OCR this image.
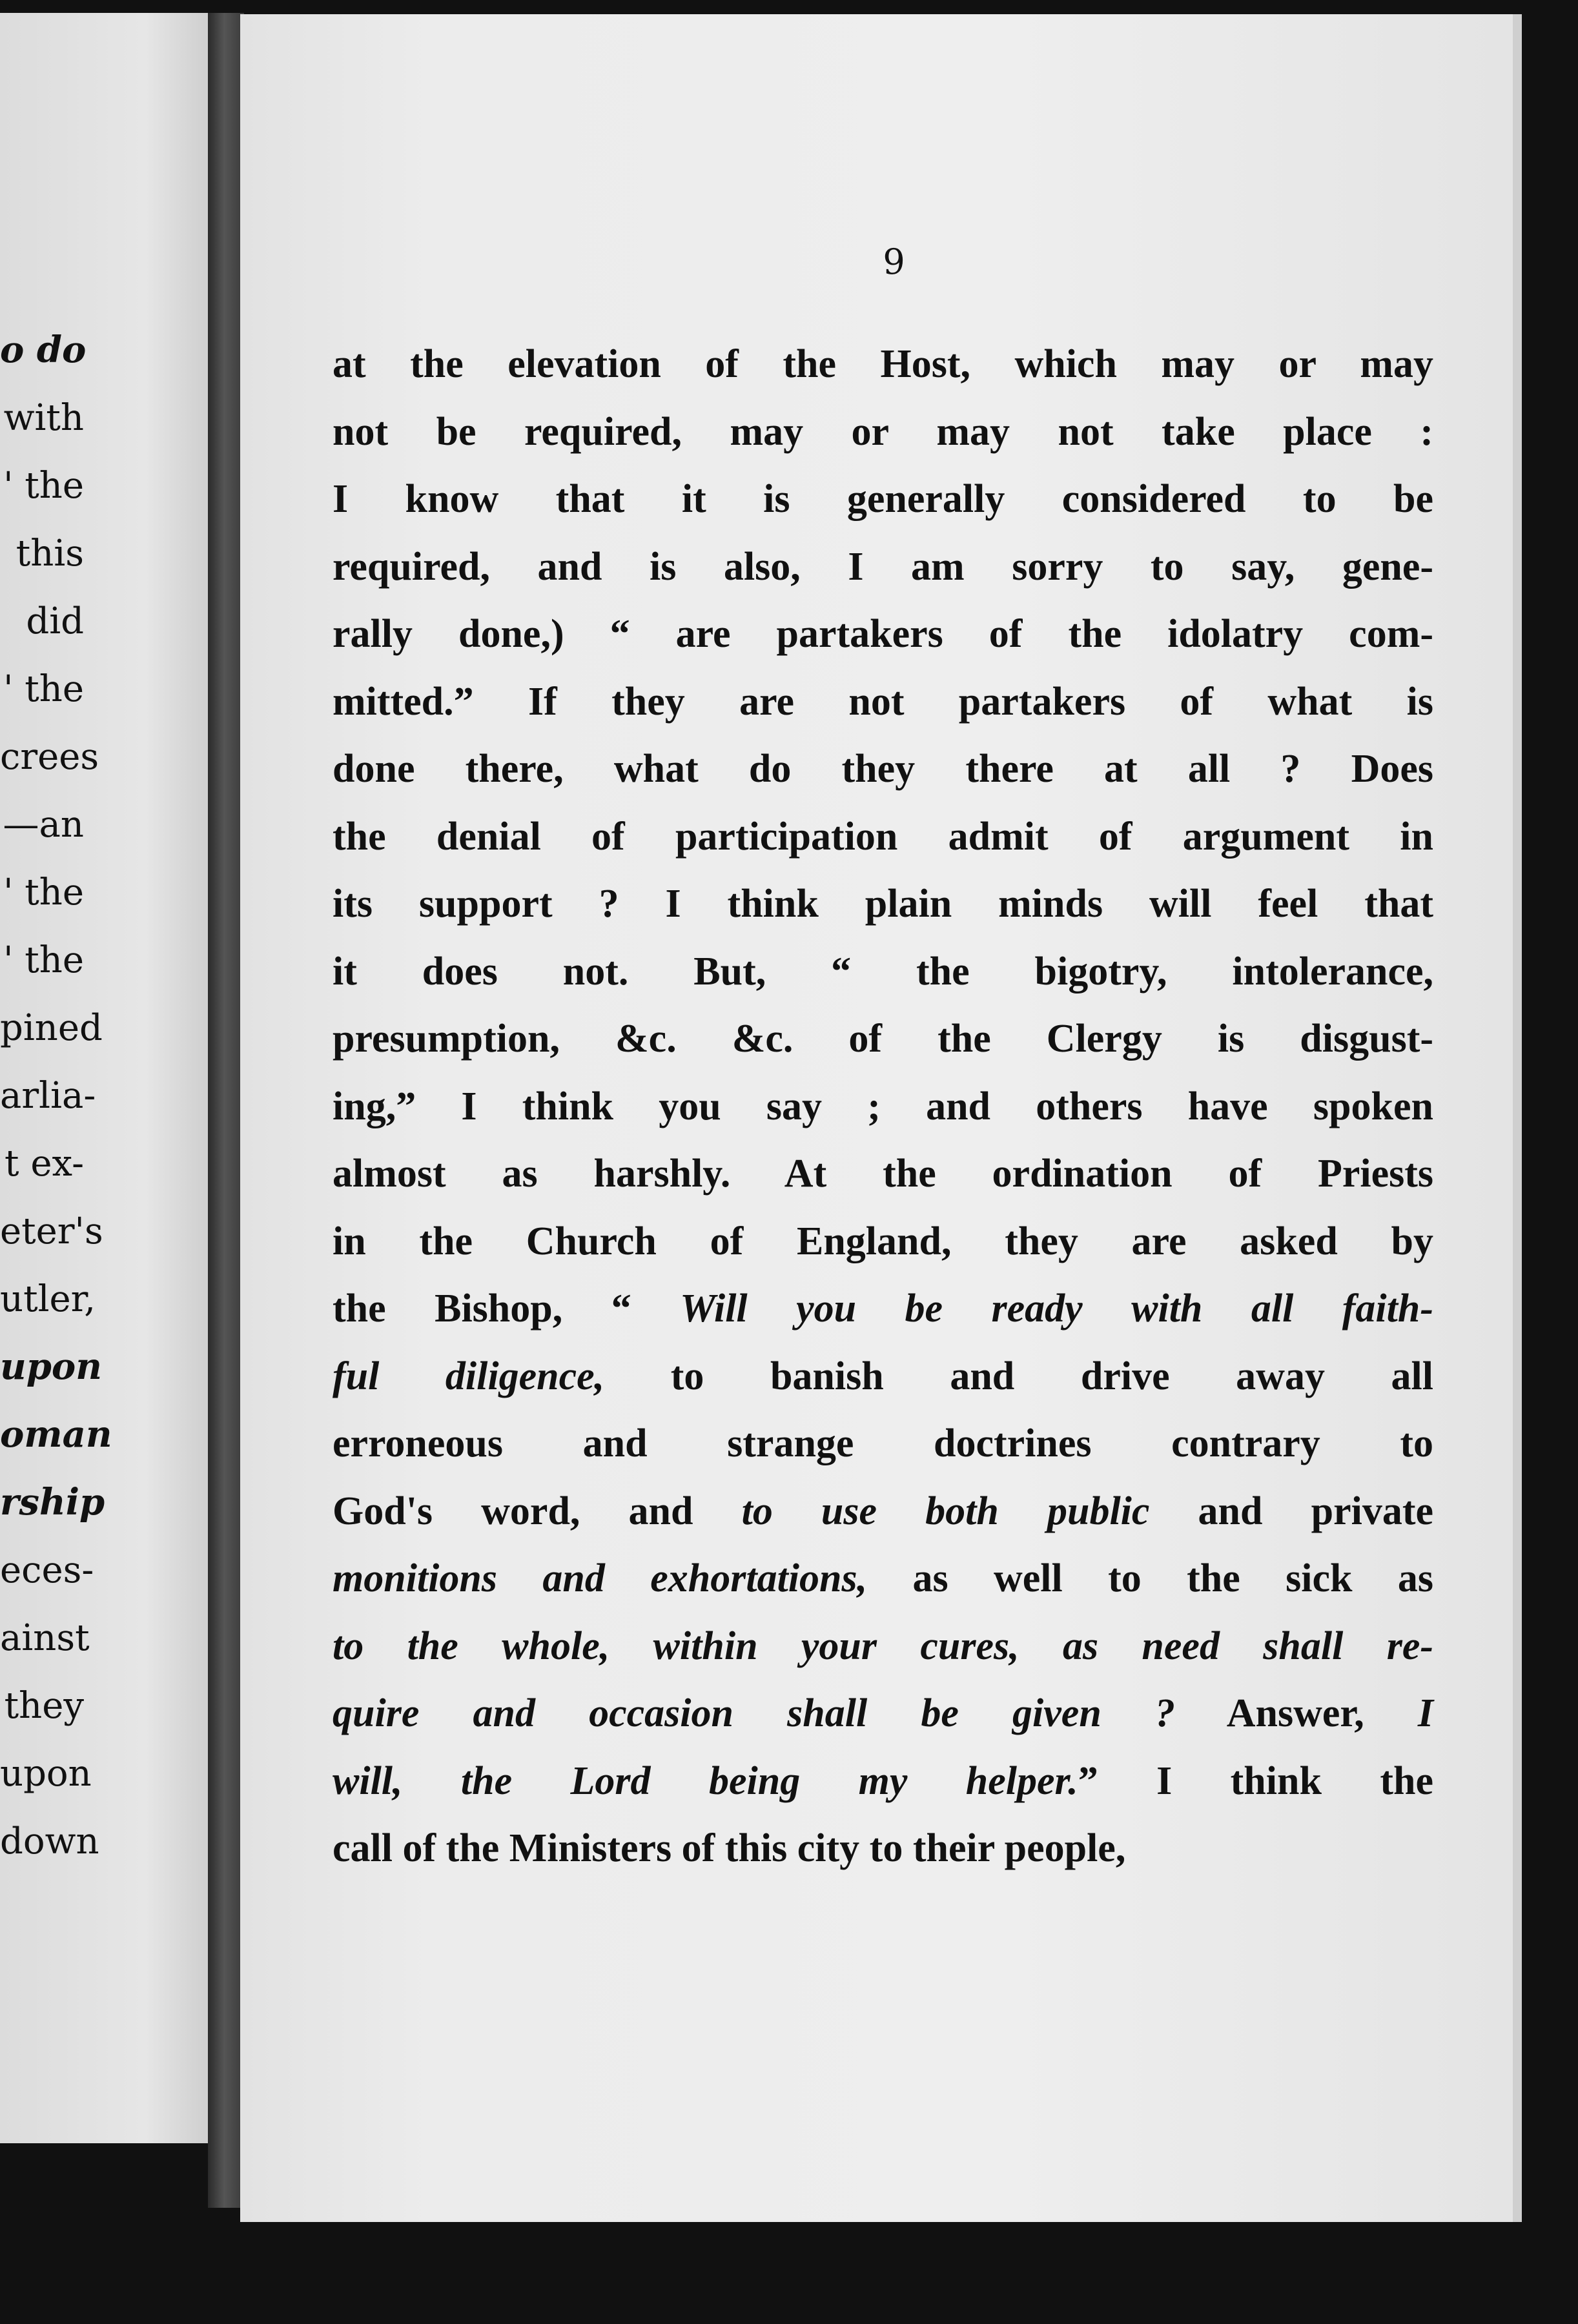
o do
with
' the
this
did
' the
crees
—an
' the
' the
pined
arlia-
t ex-
eter's
utler,
upon
oman
rship
eces-
ainst
they
upon
down
9
at the elevation of the Host, which may or may
not be required, may or may not take place :
I know that it is generally considered to be
required, and is also, I am sorry to say, gene-
rally done,) “ are partakers of the idolatry com-
mitted.” If they are not partakers of what is
done there, what do they there at all ? Does
the denial of participation admit of argument in
its support ? I think plain minds will feel that
it does not. But, “ the bigotry, intolerance,
presumption, &c. &c. of the Clergy is disgust-
ing,” I think you say ; and others have spoken
almost as harshly. At the ordination of Priests
in the Church of England, they are asked by
the Bishop, “ Will you be ready with all faith-
ful diligence, to banish and drive away all
erroneous and strange doctrines contrary to
God's word, and to use both public and private
monitions and exhortations, as well to the sick as
to the whole, within your cures, as need shall re-
quire and occasion shall be given ? Answer, I
will, the Lord being my helper.” I think the
call of the Ministers of this city to their people,
